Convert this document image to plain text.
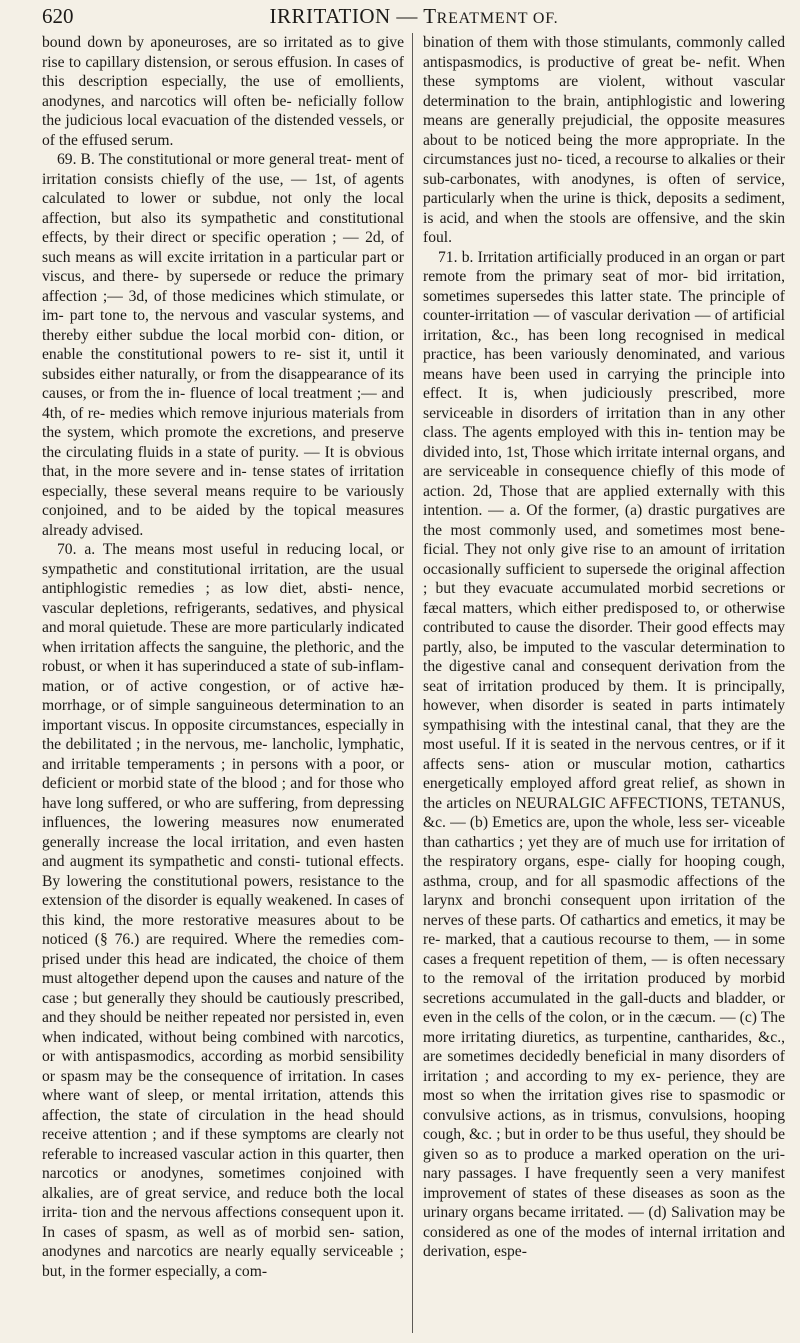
620	IRRITATION — TREATMENT OF.

bound down by aponeuroses, are so irritated as to give rise to capillary distension, or serous effusion. In cases of this description especially, the use of emollients, anodynes, and narcotics will often be- neficially follow the judicious local evacuation of the distended vessels, or of the effused serum.

69. B. The constitutional or more general treat- ment of irritation consists chiefly of the use, — 1st, of agents calculated to lower or subdue, not only the local affection, but also its sympathetic and constitutional effects, by their direct or specific operation ; — 2d, of such means as will excite irritation in a particular part or viscus, and there- by supersede or reduce the primary affection ;— 3d, of those medicines which stimulate, or im- part tone to, the nervous and vascular systems, and thereby either subdue the local morbid con- dition, or enable the constitutional powers to re- sist it, until it subsides either naturally, or from the disappearance of its causes, or from the in- fluence of local treatment ;— and 4th, of re- medies which remove injurious materials from the system, which promote the excretions, and preserve the circulating fluids in a state of purity. — It is obvious that, in the more severe and in- tense states of irritation especially, these several means require to be variously conjoined, and to be aided by the topical measures already advised.

70. a. The means most useful in reducing local, or sympathetic and constitutional irritation, are the usual antiphlogistic remedies ; as low diet, absti- nence, vascular depletions, refrigerants, sedatives, and physical and moral quietude. These are more particularly indicated when irritation affects the sanguine, the plethoric, and the robust, or when it has superinduced a state of sub-inflam- mation, or of active congestion, or of active hæ- morrhage, or of simple sanguineous determination to an important viscus. In opposite circumstances, especially in the debilitated ; in the nervous, me- lancholic, lymphatic, and irritable temperaments ; in persons with a poor, or deficient or morbid state of the blood ; and for those who have long suffered, or who are suffering, from depressing influences, the lowering measures now enumerated generally increase the local irritation, and even hasten and augment its sympathetic and consti- tutional effects. By lowering the constitutional powers, resistance to the extension of the disorder is equally weakened. In cases of this kind, the more restorative measures about to be noticed (§ 76.) are required. Where the remedies com- prised under this head are indicated, the choice of them must altogether depend upon the causes and nature of the case ; but generally they should be cautiously prescribed, and they should be neither repeated nor persisted in, even when indicated, without being combined with narcotics, or with antispasmodics, according as morbid sensibility or spasm may be the consequence of irritation. In cases where want of sleep, or mental irritation, attends this affection, the state of circulation in the head should receive attention ; and if these symptoms are clearly not referable to increased vascular action in this quarter, then narcotics or anodynes, sometimes conjoined with alkalies, are of great service, and reduce both the local irrita- tion and the nervous affections consequent upon it. In cases of spasm, as well as of morbid sen- sation, anodynes and narcotics are nearly equally serviceable ; but, in the former especially, a com-

bination of them with those stimulants, commonly called antispasmodics, is productive of great be- nefit. When these symptoms are violent, without vascular determination to the brain, antiphlogistic and lowering means are generally prejudicial, the opposite measures about to be noticed being the more appropriate. In the circumstances just no- ticed, a recourse to alkalies or their sub-carbonates, with anodynes, is often of service, particularly when the urine is thick, deposits a sediment, is acid, and when the stools are offensive, and the skin foul.

71. b. Irritation artificially produced in an organ or part remote from the primary seat of mor- bid irritation, sometimes supersedes this latter state. The principle of counter-irritation — of vascular derivation — of artificial irritation, &c., has been long recognised in medical practice, has been variously denominated, and various means have been used in carrying the principle into effect. It is, when judiciously prescribed, more serviceable in disorders of irritation than in any other class. The agents employed with this in- tention may be divided into, 1st, Those which irritate internal organs, and are serviceable in consequence chiefly of this mode of action. 2d, Those that are applied externally with this intention. — a. Of the former, (a) drastic purgatives are the most commonly used, and sometimes most bene- ficial. They not only give rise to an amount of irritation occasionally sufficient to supersede the original affection ; but they evacuate accumulated morbid secretions or fæcal matters, which either predisposed to, or otherwise contributed to cause the disorder. Their good effects may partly, also, be imputed to the vascular determination to the digestive canal and consequent derivation from the seat of irritation produced by them. It is principally, however, when disorder is seated in parts intimately sympathising with the intestinal canal, that they are the most useful. If it is seated in the nervous centres, or if it affects sens- ation or muscular motion, cathartics energetically employed afford great relief, as shown in the articles on NEURALGIC AFFECTIONS, TETANUS, &c. — (b) Emetics are, upon the whole, less ser- viceable than cathartics ; yet they are of much use for irritation of the respiratory organs, espe- cially for hooping cough, asthma, croup, and for all spasmodic affections of the larynx and bronchi consequent upon irritation of the nerves of these parts. Of cathartics and emetics, it may be re- marked, that a cautious recourse to them, — in some cases a frequent repetition of them, — is often necessary to the removal of the irritation produced by morbid secretions accumulated in the gall-ducts and bladder, or even in the cells of the colon, or in the cæcum. — (c) The more irritating diuretics, as turpentine, cantharides, &c., are sometimes decidedly beneficial in many disorders of irritation ; and according to my ex- perience, they are most so when the irritation gives rise to spasmodic or convulsive actions, as in trismus, convulsions, hooping cough, &c. ; but in order to be thus useful, they should be given so as to produce a marked operation on the uri- nary passages. I have frequently seen a very manifest improvement of states of these diseases as soon as the urinary organs became irritated. — (d) Salivation may be considered as one of the modes of internal irritation and derivation, espe-
